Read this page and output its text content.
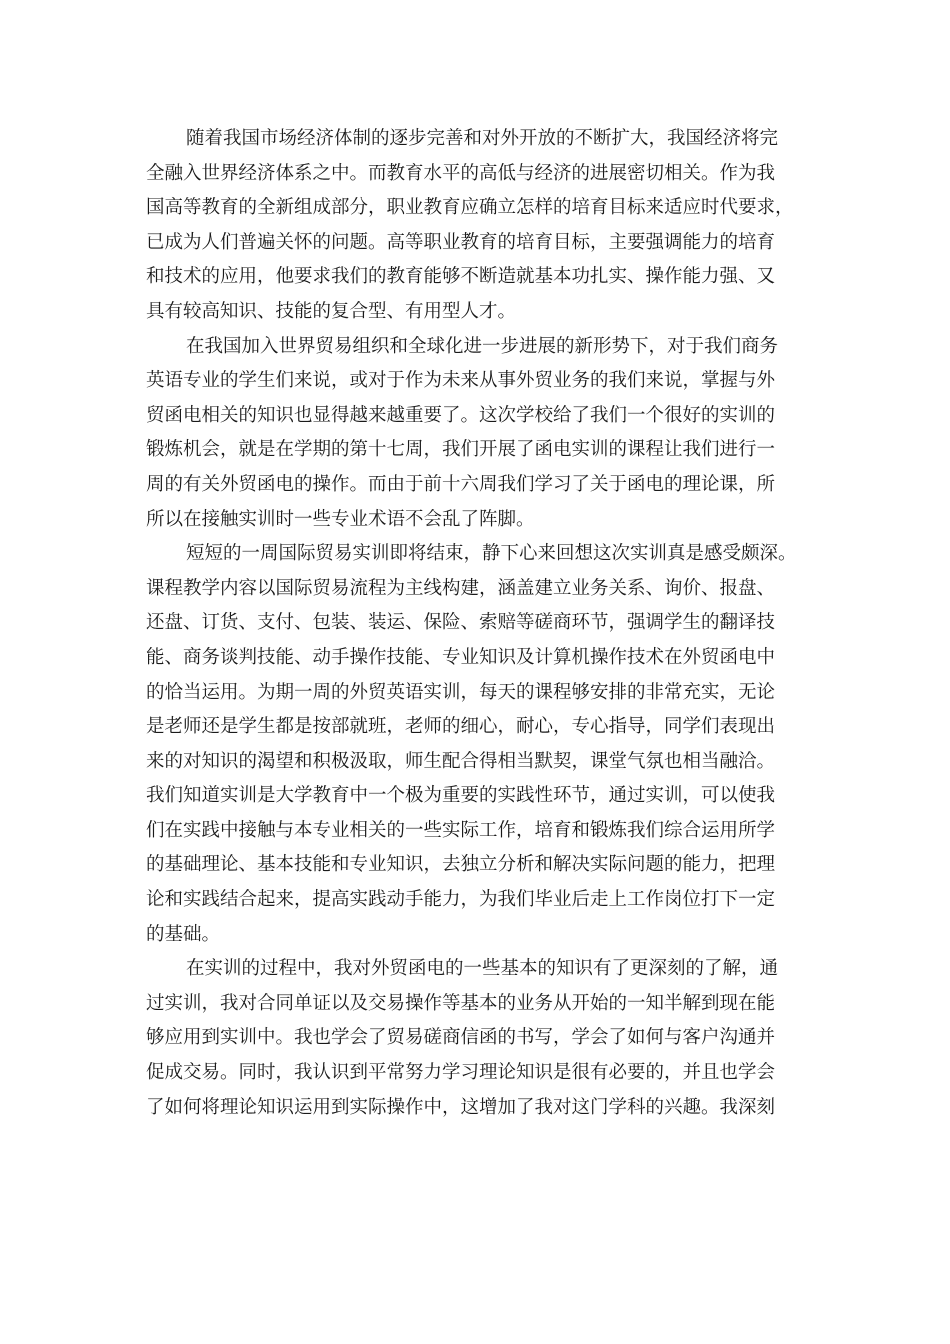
随着我国市场经济体制的逐步完善和对外开放的不断扩大，我国经济将完
全融入世界经济体系之中。而教育水平的高低与经济的进展密切相关。作为我
国高等教育的全新组成部分，职业教育应确立怎样的培育目标来适应时代要求，
已成为人们普遍关怀的问题。高等职业教育的培育目标，主要强调能力的培育
和技术的应用，他要求我们的教育能够不断造就基本功扎实、操作能力强、又
具有较高知识、技能的复合型、有用型人才。
在我国加入世界贸易组织和全球化进一步进展的新形势下，对于我们商务
英语专业的学生们来说，或对于作为未来从事外贸业务的我们来说，掌握与外
贸函电相关的知识也显得越来越重要了。这次学校给了我们一个很好的实训的
锻炼机会，就是在学期的第十七周，我们开展了函电实训的课程让我们进行一
周的有关外贸函电的操作。而由于前十六周我们学习了关于函电的理论课，所
所以在接触实训时一些专业术语不会乱了阵脚。
短短的一周国际贸易实训即将结束，静下心来回想这次实训真是感受颇深。
课程教学内容以国际贸易流程为主线构建，涵盖建立业务关系、询价、报盘、
还盘、订货、支付、包装、装运、保险、索赔等磋商环节，强调学生的翻译技
能、商务谈判技能、动手操作技能、专业知识及计算机操作技术在外贸函电中
的恰当运用。为期一周的外贸英语实训，每天的课程够安排的非常充实，无论
是老师还是学生都是按部就班，老师的细心，耐心，专心指导，同学们表现出
来的对知识的渴望和积极汲取，师生配合得相当默契，课堂气氛也相当融洽。
我们知道实训是大学教育中一个极为重要的实践性环节，通过实训，可以使我
们在实践中接触与本专业相关的一些实际工作，培育和锻炼我们综合运用所学
的基础理论、基本技能和专业知识，去独立分析和解决实际问题的能力，把理
论和实践结合起来，提高实践动手能力，为我们毕业后走上工作岗位打下一定
的基础。
在实训的过程中，我对外贸函电的一些基本的知识有了更深刻的了解，通
过实训，我对合同单证以及交易操作等基本的业务从开始的一知半解到现在能
够应用到实训中。我也学会了贸易磋商信函的书写，学会了如何与客户沟通并
促成交易。同时，我认识到平常努力学习理论知识是很有必要的，并且也学会
了如何将理论知识运用到实际操作中，这增加了我对这门学科的兴趣。我深刻
